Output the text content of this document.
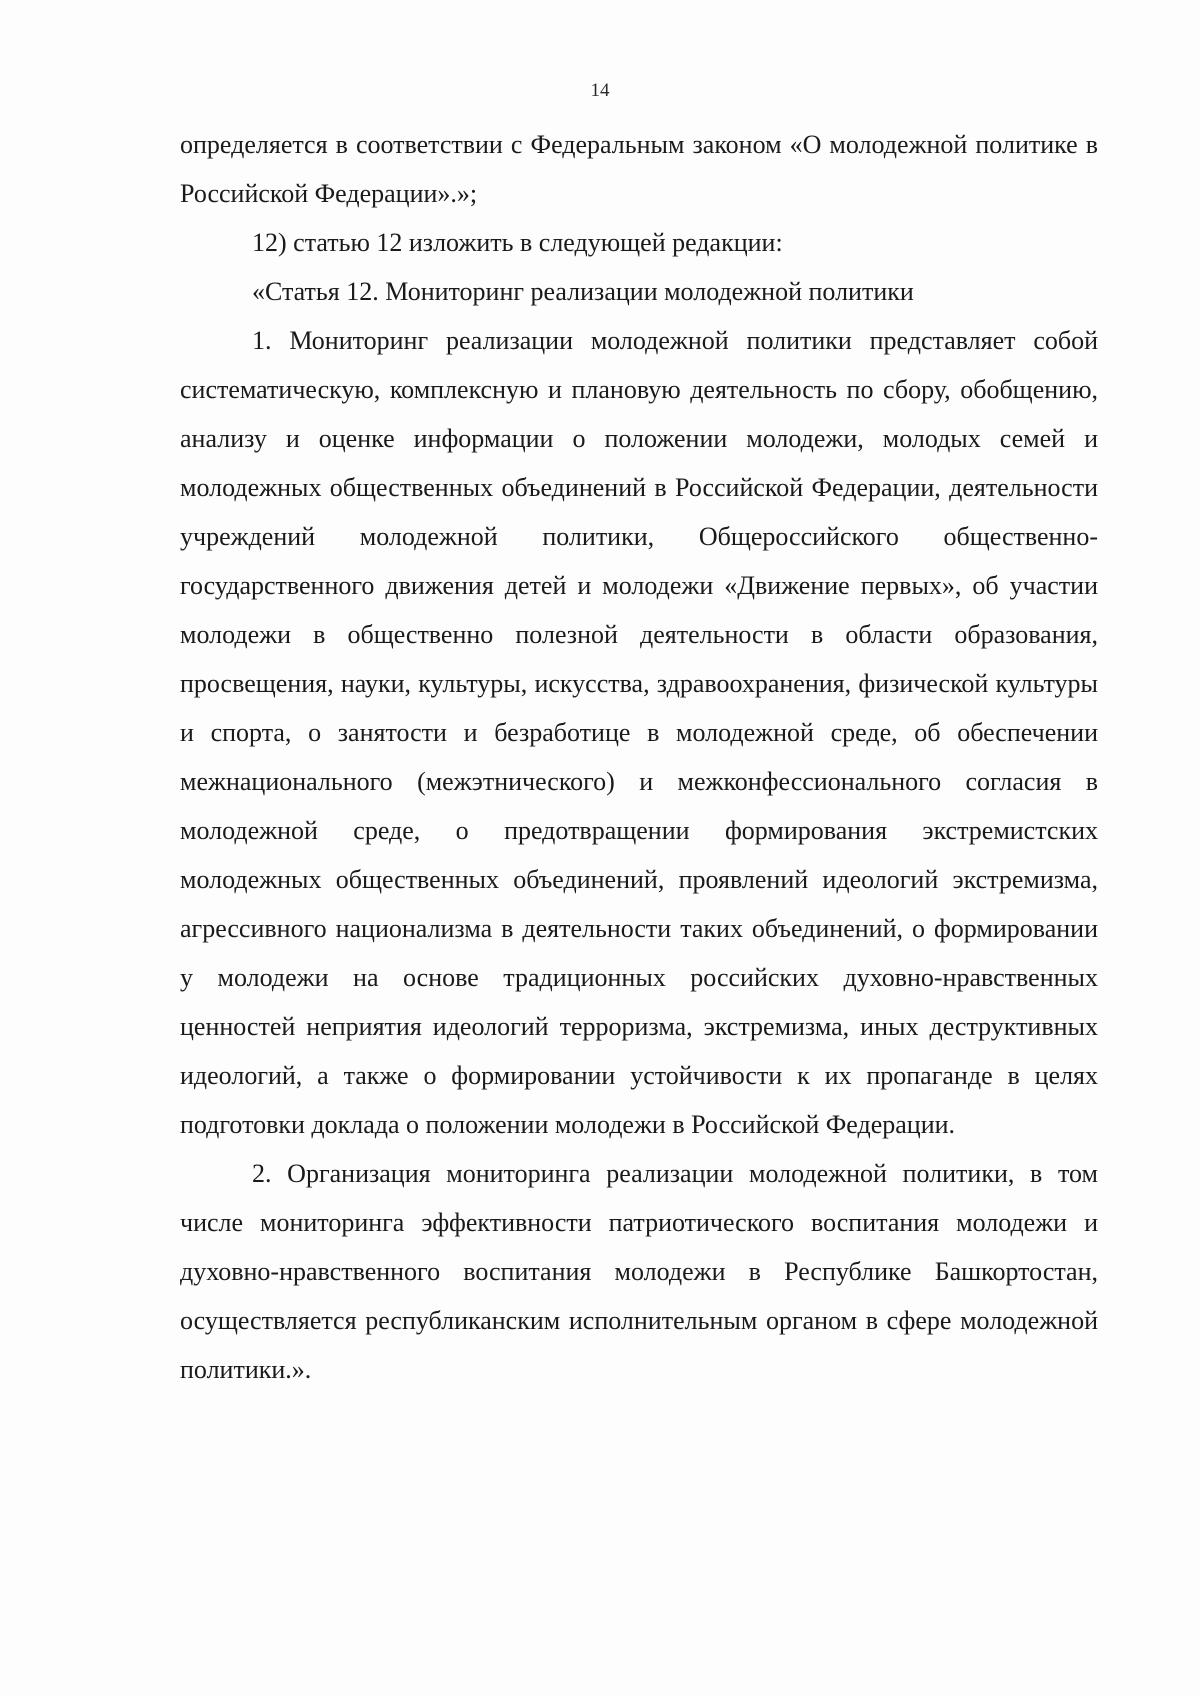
14

определяется в соответствии с Федеральным законом «О молодежной политике в Российской Федерации».»;

12) статью 12 изложить в следующей редакции:

«Статья 12. Мониторинг реализации молодежной политики

1. Мониторинг реализации молодежной политики представляет собой систематическую, комплексную и плановую деятельность по сбору, обобщению, анализу и оценке информации о положении молодежи, молодых семей и молодежных общественных объединений в Российской Федерации, деятельности учреждений молодежной политики, Общероссийского общественно-государственного движения детей и молодежи «Движение первых», об участии молодежи в общественно полезной деятельности в области образования, просвещения, науки, культуры, искусства, здравоохранения, физической культуры и спорта, о занятости и безработице в молодежной среде, об обеспечении межнационального (межэтнического) и межконфессионального согласия в молодежной среде, о предотвращении формирования экстремистских молодежных общественных объединений, проявлений идеологий экстремизма, агрессивного национализма в деятельности таких объединений, о формировании у молодежи на основе традиционных российских духовно-нравственных ценностей неприятия идеологий терроризма, экстремизма, иных деструктивных идеологий, а также о формировании устойчивости к их пропаганде в целях подготовки доклада о положении молодежи в Российской Федерации.

2. Организация мониторинга реализации молодежной политики, в том числе мониторинга эффективности патриотического воспитания молодежи и духовно-нравственного воспитания молодежи в Республике Башкортостан, осуществляется республиканским исполнительным органом в сфере молодежной политики.».
